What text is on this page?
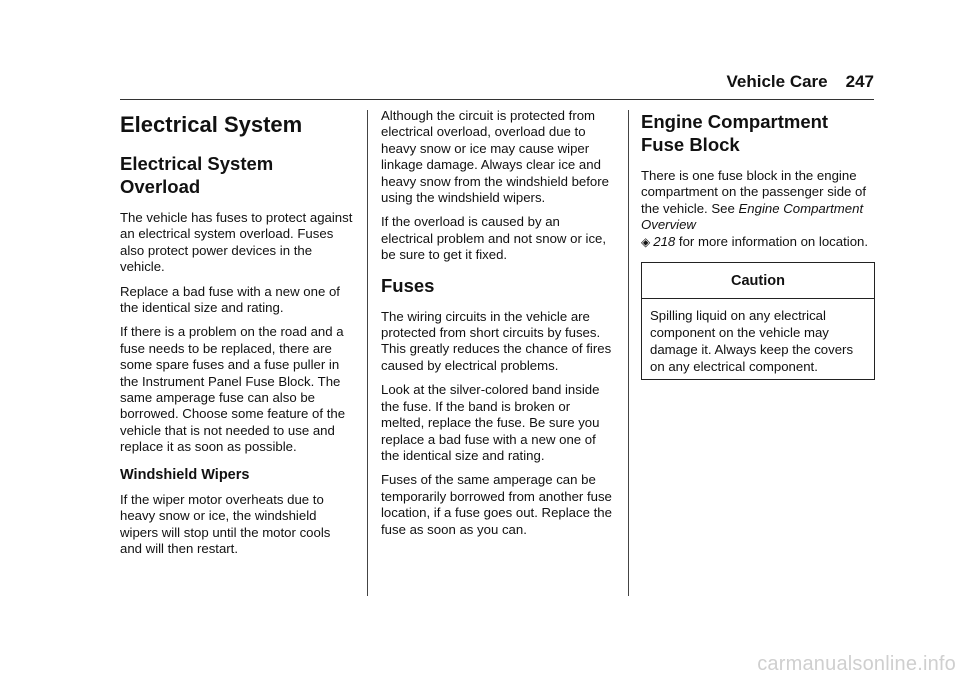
Vehicle Care 247
Electrical System
Electrical System Overload

The vehicle has fuses to protect against an electrical system overload. Fuses also protect power devices in the vehicle.

Replace a bad fuse with a new one of the identical size and rating.

If there is a problem on the road and a fuse needs to be replaced, there are some spare fuses and a fuse puller in the Instrument Panel Fuse Block. The same amperage fuse can also be borrowed. Choose some feature of the vehicle that is not needed to use and replace it as soon as possible.

Windshield Wipers

If the wiper motor overheats due to heavy snow or ice, the windshield wipers will stop until the motor cools and will then restart.

Although the circuit is protected from electrical overload, overload due to heavy snow or ice may cause wiper linkage damage. Always clear ice and heavy snow from the windshield before using the windshield wipers.

If the overload is caused by an electrical problem and not snow or ice, be sure to get it fixed.

Fuses

The wiring circuits in the vehicle are protected from short circuits by fuses. This greatly reduces the chance of fires caused by electrical problems.

Look at the silver-colored band inside the fuse. If the band is broken or melted, replace the fuse. Be sure you replace a bad fuse with a new one of the identical size and rating.

Fuses of the same amperage can be temporarily borrowed from another fuse location, if a fuse goes out. Replace the fuse as soon as you can.

Engine Compartment Fuse Block

There is one fuse block in the engine compartment on the passenger side of the vehicle. See Engine Compartment Overview
◈ 218 for more information on location.

Caution
Spilling liquid on any electrical component on the vehicle may damage it. Always keep the covers on any electrical component.
carmanualsonline.info
